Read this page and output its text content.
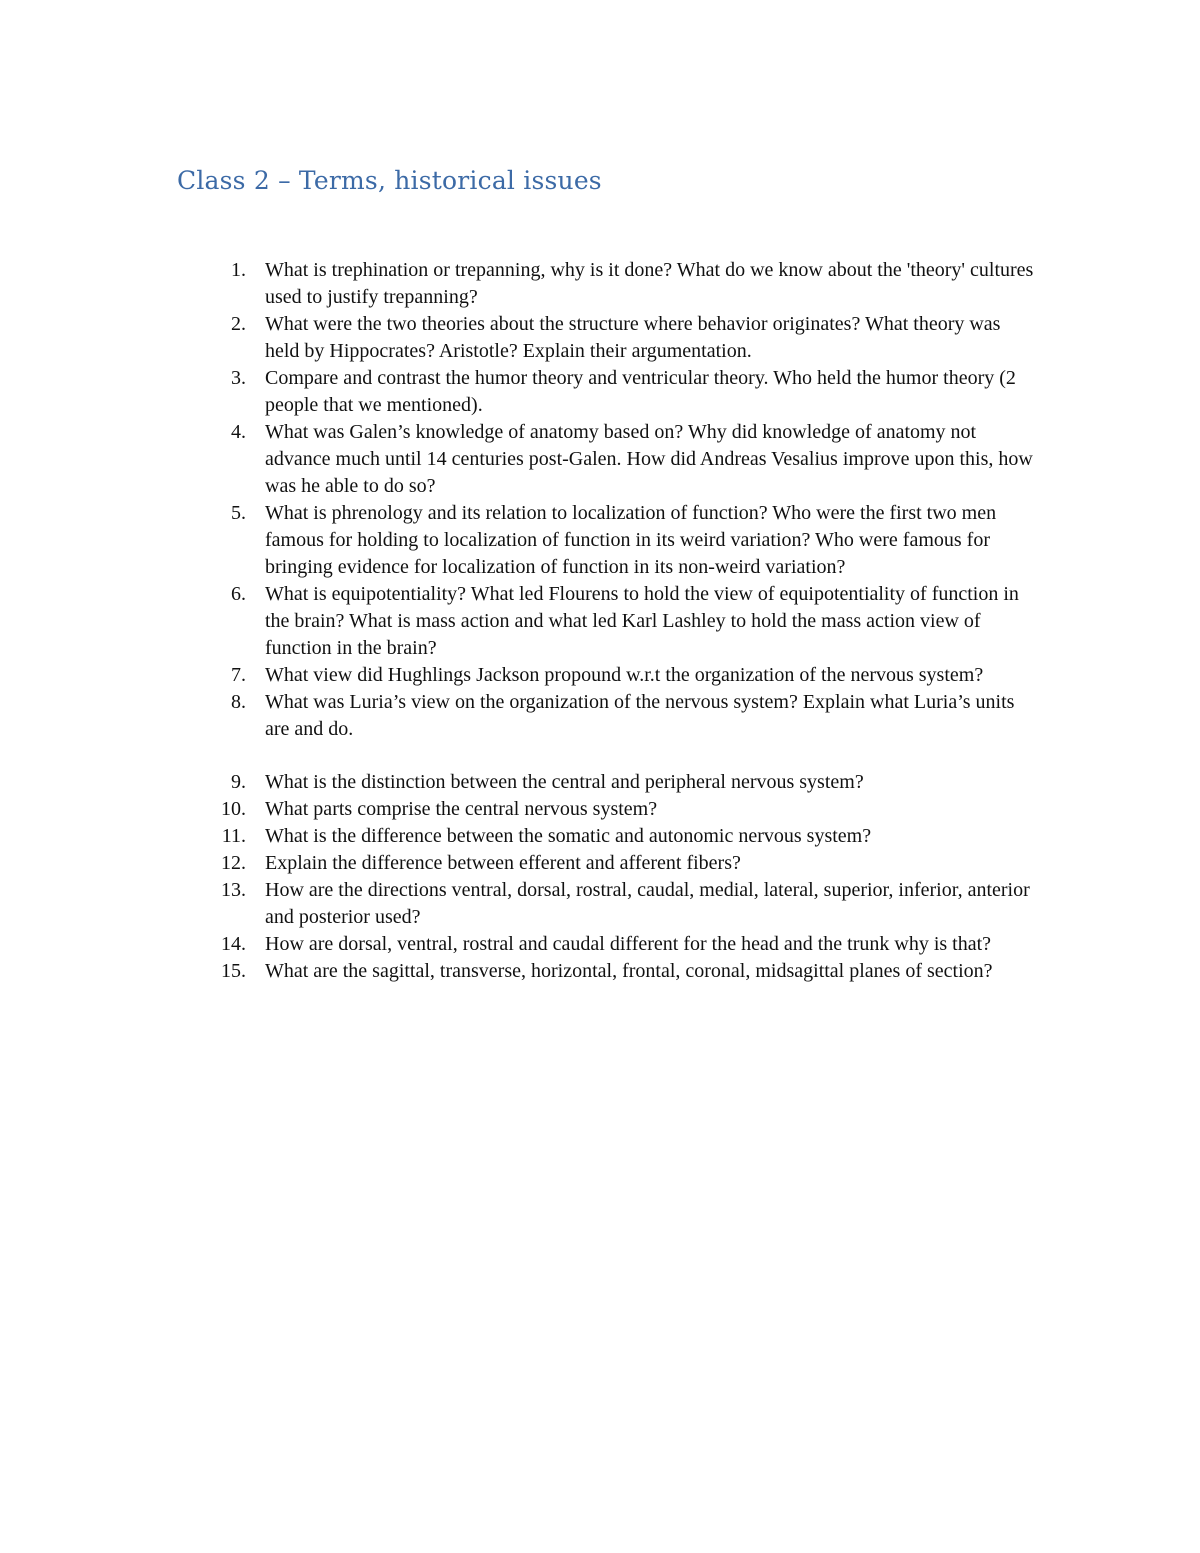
Class 2 – Terms, historical issues
1. What is trephination or trepanning, why is it done? What do we know about the 'theory' cultures used to justify trepanning?
2. What were the two theories about the structure where behavior originates? What theory was held by Hippocrates? Aristotle? Explain their argumentation.
3. Compare and contrast the humor theory and ventricular theory. Who held the humor theory (2 people that we mentioned).
4. What was Galen’s knowledge of anatomy based on? Why did knowledge of anatomy not advance much until 14 centuries post-Galen. How did Andreas Vesalius improve upon this, how was he able to do so?
5. What is phrenology and its relation to localization of function? Who were the first two men famous for holding to localization of function in its weird variation? Who were famous for bringing evidence for localization of function in its non-weird variation?
6. What is equipotentiality? What led Flourens to hold the view of equipotentiality of function in the brain? What is mass action and what led Karl Lashley to hold the mass action view of function in the brain?
7. What view did Hughlings Jackson propound w.r.t the organization of the nervous system?
8. What was Luria’s view on the organization of the nervous system? Explain what Luria’s units are and do.
9. What is the distinction between the central and peripheral nervous system?
10. What parts comprise the central nervous system?
11. What is the difference between the somatic and autonomic nervous system?
12. Explain the difference between efferent and afferent fibers?
13. How are the directions ventral, dorsal, rostral, caudal, medial, lateral, superior, inferior, anterior and posterior used?
14. How are dorsal, ventral, rostral and caudal different for the head and the trunk why is that?
15. What are the sagittal, transverse, horizontal, frontal, coronal, midsagittal planes of section?
